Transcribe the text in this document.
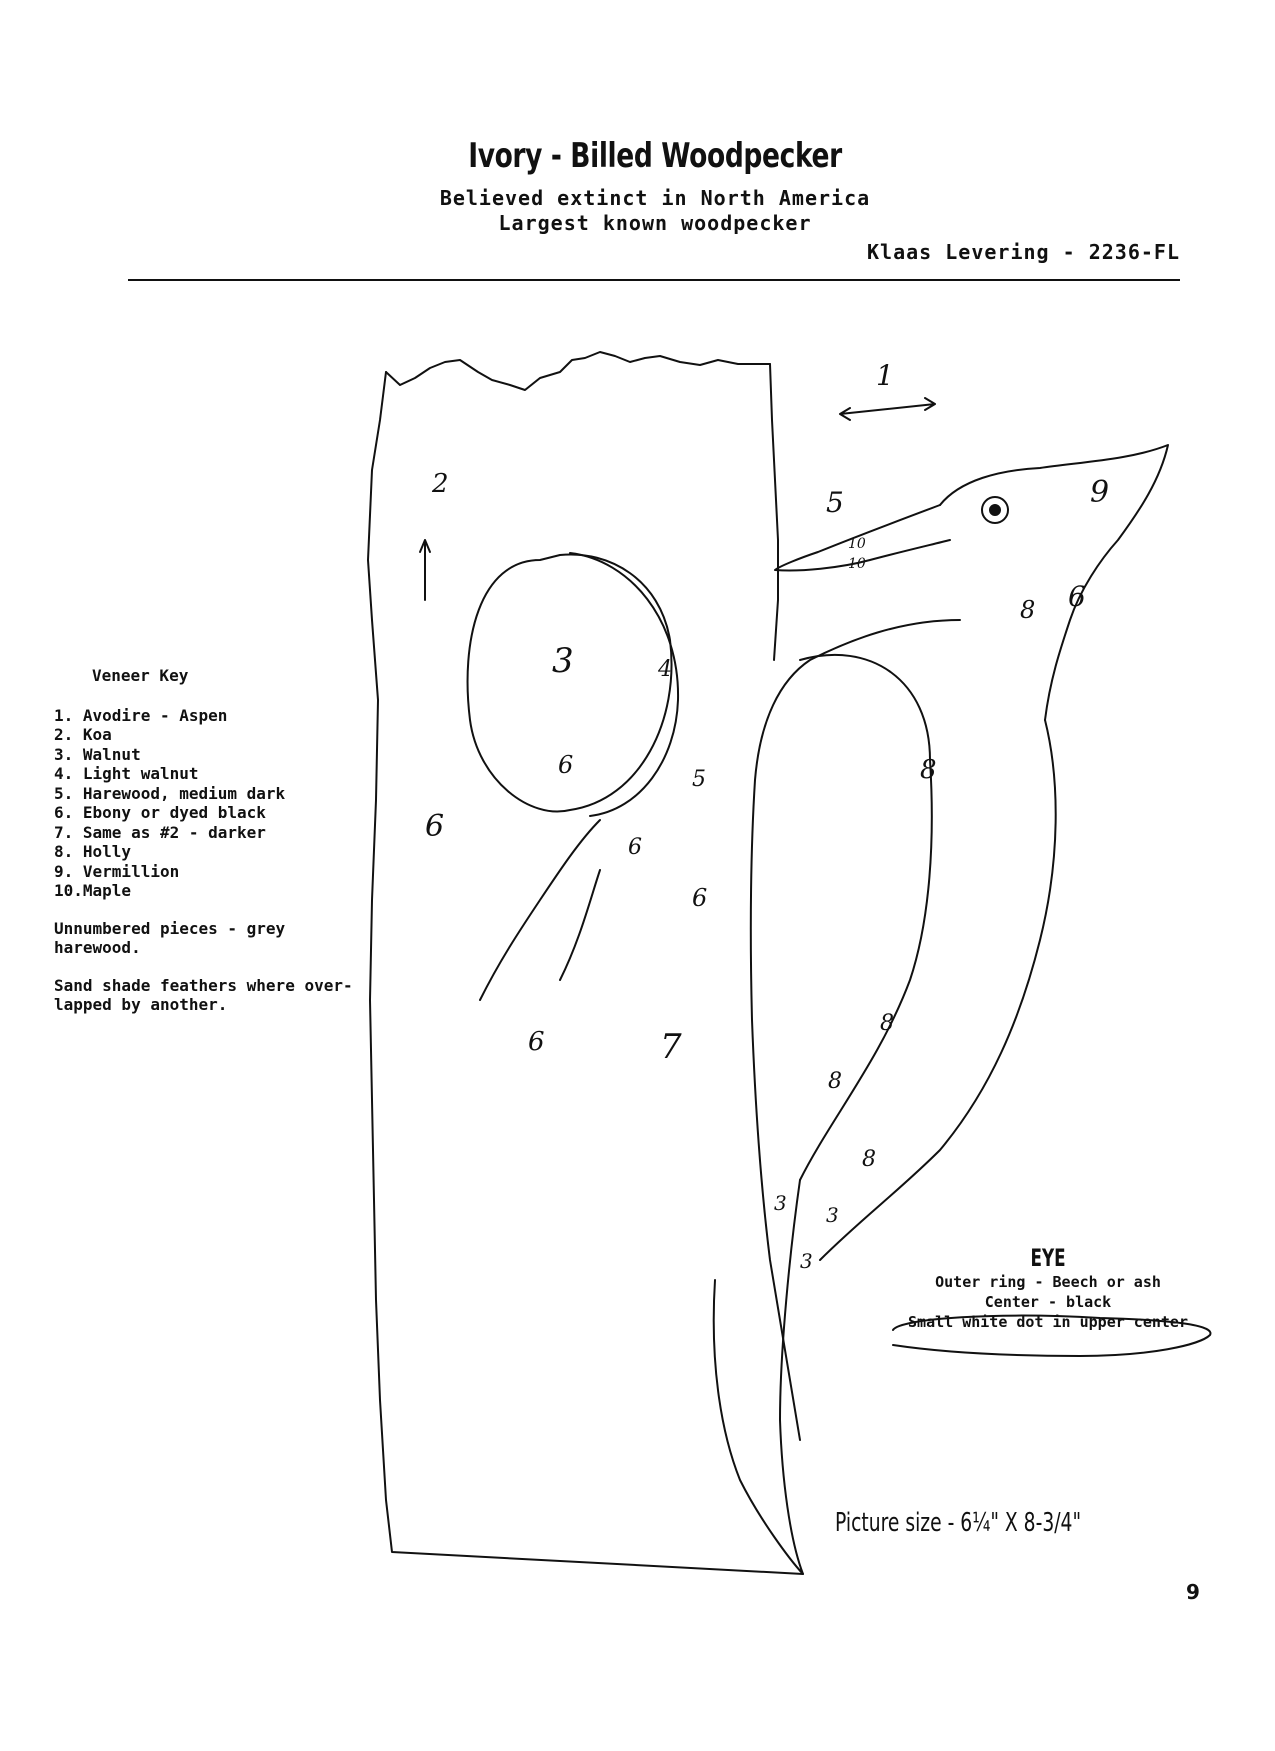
Ivory - Billed Woodpecker
Believed extinct in North America
Largest known woodpecker
Klaas Levering - 2236-FL
Veneer Key
1. Avodire - Aspen
2. Koa
3. Walnut
4. Light walnut
5. Harewood, medium dark
6. Ebony or dyed black
7. Same as #2 - darker
8. Holly
9. Vermillion
10.Maple
Unnumbered pieces - grey harewood.
Sand shade feathers where over-lapped by another.
1
2
3	4
5
5
6
6
6
6
6
6	7
8
8
8
8
8
9
10
10
3 3
3	EYE
Outer ring - Beech or ash
Center - black
Small white dot in upper center
Picture size - 6¼" X 8-3/4"
9
